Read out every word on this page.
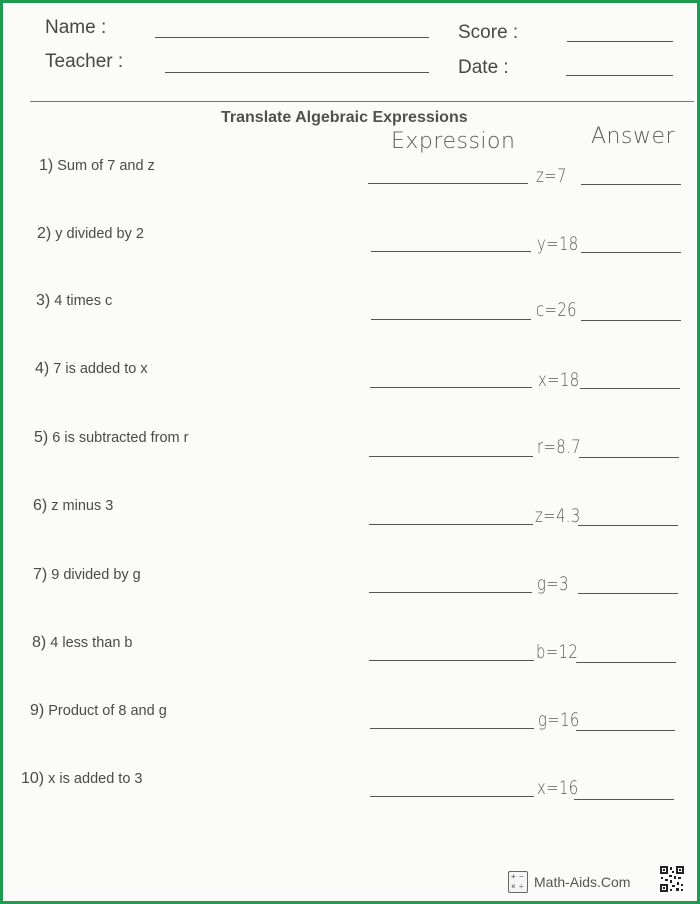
Name :
Teacher :
Score :
Date :
Translate Algebraic Expressions
Expression	Answer
1) Sum of 7 and z	z=7
2) y divided by 2	y=18
3) 4 times c	c=26
4) 7 is added to x	x=18
5) 6 is subtracted from r	r=8.7
6) z minus 3	z=4.3
7) 9 divided by g	g=3
8) 4 less than b	b=12
9) Product of 8 and g	g=16
10) x is added to 3	x=16
+ −
× ÷ Math-Aids.Com
